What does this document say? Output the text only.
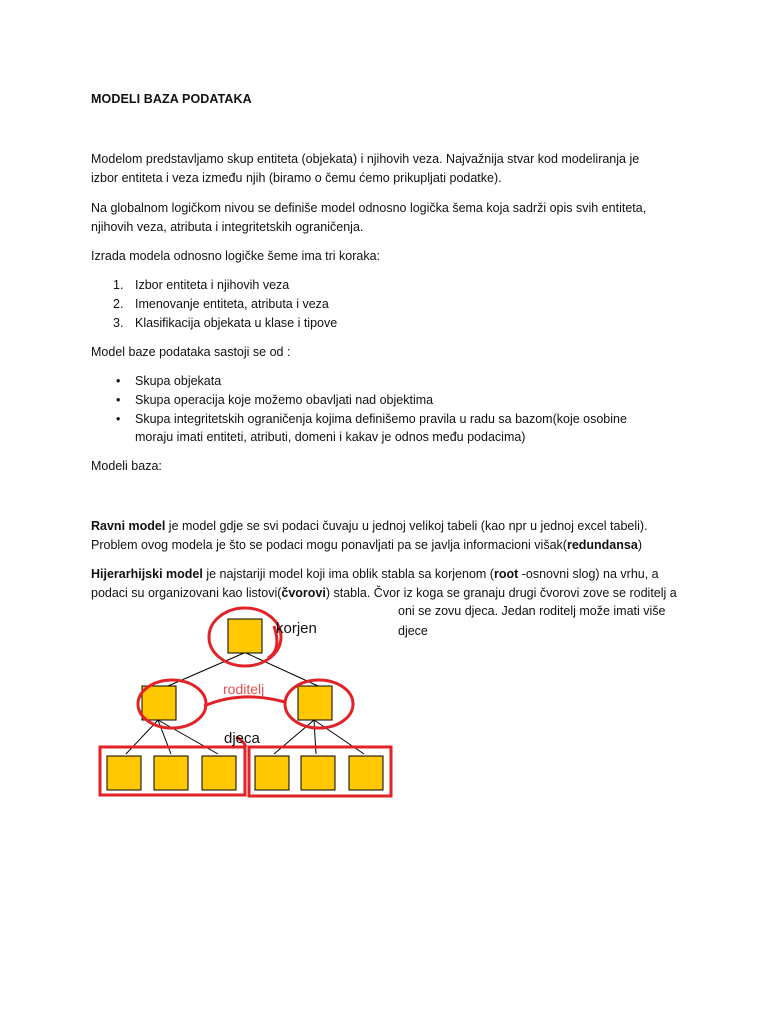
MODELI BAZA PODATAKA
Modelom predstavljamo skup entiteta (objekata) i njihovih veza. Najvažnija stvar kod modeliranja je
izbor entiteta i veza između njih (biramo o čemu ćemo prikupljati podatke).
Na globalnom logičkom nivou se definiše model odnosno logička šema koja sadrži opis svih entiteta,
njihovih veza, atributa i integritetskih ograničenja.
Izrada modela odnosno logičke šeme ima tri koraka:
1. Izbor entiteta i njihovih veza
2. Imenovanje entiteta, atributa i veza
3. Klasifikacija objekata u klase i tipove
Model baze podataka sastoji se od :
• Skupa objekata
• Skupa operacija koje možemo obavljati nad objektima
• Skupa integritetskih ograničenja kojima definišemo pravila u radu sa bazom(koje osobine
moraju imati entiteti, atributi, domeni i kakav je odnos među podacima)
Modeli baza:
Ravni model je model gdje se svi podaci čuvaju u jednoj velikoj tabeli (kao npr u jednoj excel tabeli).
Problem ovog modela je što se podaci mogu ponavljati pa se javlja informacioni višak(redundansa)
Hijerarhijski model je najstariji model koji ima oblik stabla sa korjenom (root -osnovni slog) na vrhu, a
podaci su organizovani kao listovi(čvorovi) stabla. Čvor iz koga se granaju drugi čvorovi zove se roditelj a
oni se zovu djeca. Jedan roditelj može imati više
djece
korjen
roditelj
djeca
